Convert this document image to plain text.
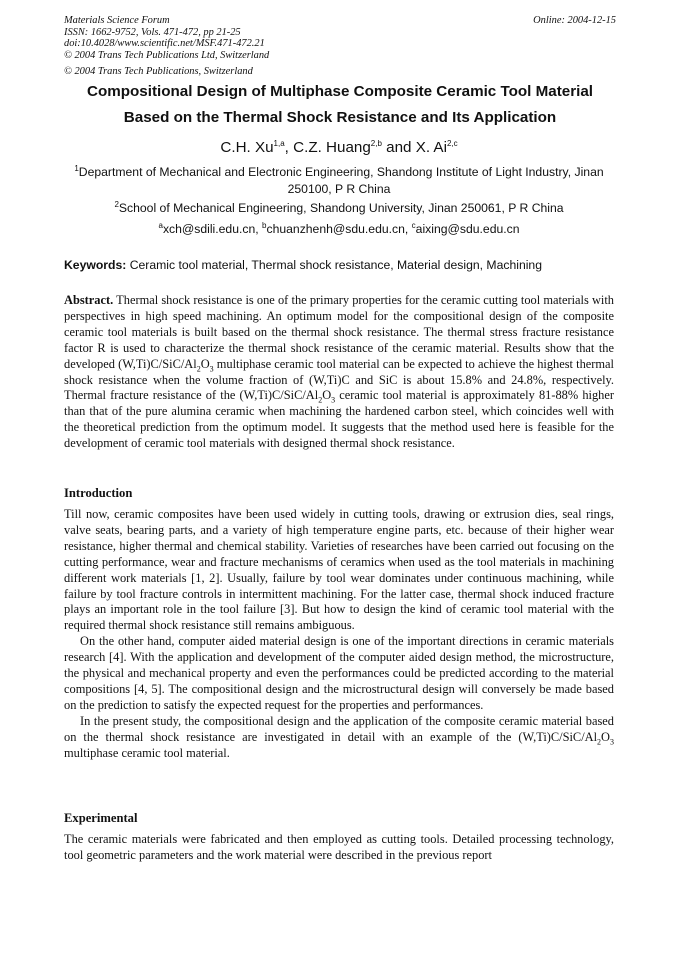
Materials Science Forum	Online: 2004-12-15
ISSN: 1662-9752, Vols. 471-472, pp 21-25
doi:10.4028/www.scientific.net/MSF.471-472.21
© 2004 Trans Tech Publications Ltd, Switzerland
© 2004 Trans Tech Publications, Switzerland
Compositional Design of Multiphase Composite Ceramic Tool Material
Based on the Thermal Shock Resistance and Its Application
C.H. Xu$^{1,a}$, C.Z. Huang$^{2,b}$ and X. Ai$^{2,c}$
$^1$Department of Mechanical and Electronic Engineering, Shandong Institute of Light Industry, Jinan 250100, P R China
$^2$School of Mechanical Engineering, Shandong University, Jinan 250061, P R China
$^a$xch@sdili.edu.cn, $^b$chuanzhenh@sdu.edu.cn, $^c$aixing@sdu.edu.cn
Keywords: Ceramic tool material, Thermal shock resistance, Material design, Machining
Abstract. Thermal shock resistance is one of the primary properties for the ceramic cutting tool materials with perspectives in high speed machining. An optimum model for the compositional design of the composite ceramic tool materials is built based on the thermal shock resistance. The thermal stress fracture resistance factor R is used to characterize the thermal shock resistance of the ceramic material. Results show that the developed $(W,Ti)C/SiC/Al_2O_3$ multiphase ceramic tool material can be expected to achieve the highest thermal shock resistance when the volume fraction of (W,Ti)C and SiC is about 15.8% and 24.8%, respectively. Thermal fracture resistance of the $(W,Ti)C/SiC/Al_2O_3$ ceramic tool material is approximately 81-88% higher than that of the pure alumina ceramic when machining the hardened carbon steel, which coincides well with the theoretical prediction from the optimum model. It suggests that the method used here is feasible for the development of ceramic tool materials with designed thermal shock resistance.
Introduction

Till now, ceramic composites have been used widely in cutting tools, drawing or extrusion dies, seal rings, valve seats, bearing parts, and a variety of high temperature engine parts, etc. because of their higher wear resistance, higher thermal and chemical stability. Varieties of researches have been carried out focusing on the cutting performance, wear and fracture mechanisms of ceramics when used as the tool materials in machining different work materials [1, 2]. Usually, failure by tool wear dominates under continuous machining, while failure by tool fracture controls in intermittent machining. For the latter case, thermal shock induced fracture plays an important role in the tool failure [3]. But how to design the kind of ceramic tool material with the required thermal shock resistance still remains ambiguous.

On the other hand, computer aided material design is one of the important directions in ceramic materials research [4]. With the application and development of the computer aided design method, the microstructure, the physical and mechanical property and even the performances could be predicted according to the material compositions [4, 5]. The compositional design and the microstructural design will conversely be made based on the prediction to satisfy the expected request for the properties and performances.

In the present study, the compositional design and the application of the composite ceramic material based on the thermal shock resistance are investigated in detail with an example of the $(W,Ti)C/SiC/Al_2O_3$ multiphase ceramic tool material.

Experimental

The ceramic materials were fabricated and then employed as cutting tools. Detailed processing technology, tool geometric parameters and the work material were described in the previous report
